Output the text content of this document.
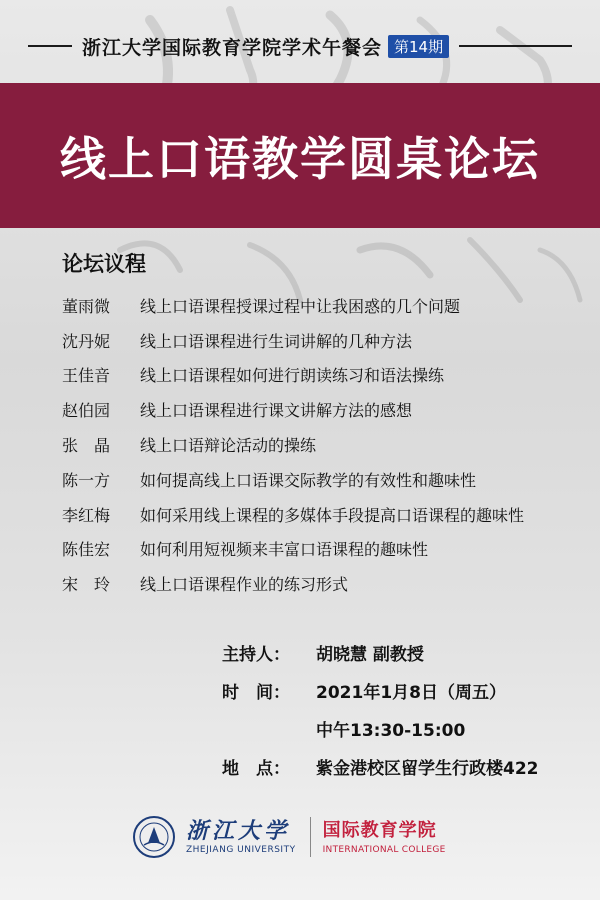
浙江大学国际教育学院学术午餐会 第14期
线上口语教学圆桌论坛
论坛议程
董雨微	线上口语课程授课过程中让我困惑的几个问题
沈丹妮	线上口语课程进行生词讲解的几种方法
王佳音	线上口语课程如何进行朗读练习和语法操练
赵伯园	线上口语课程进行课文讲解方法的感想
张　晶	线上口语辩论活动的操练
陈一方	如何提高线上口语课交际教学的有效性和趣味性
李红梅	如何采用线上课程的多媒体手段提高口语课程的趣味性
陈佳宏	如何利用短视频来丰富口语课程的趣味性
宋　玲	线上口语课程作业的练习形式
主持人：	胡晓慧 副教授
时　间：	2021年1月8日（周五）
中午13:30-15:00
地　点：	紫金港校区留学生行政楼422
浙江大学
ZHEJIANG UNIVERSITY
国际教育学院
INTERNATIONAL COLLEGE
